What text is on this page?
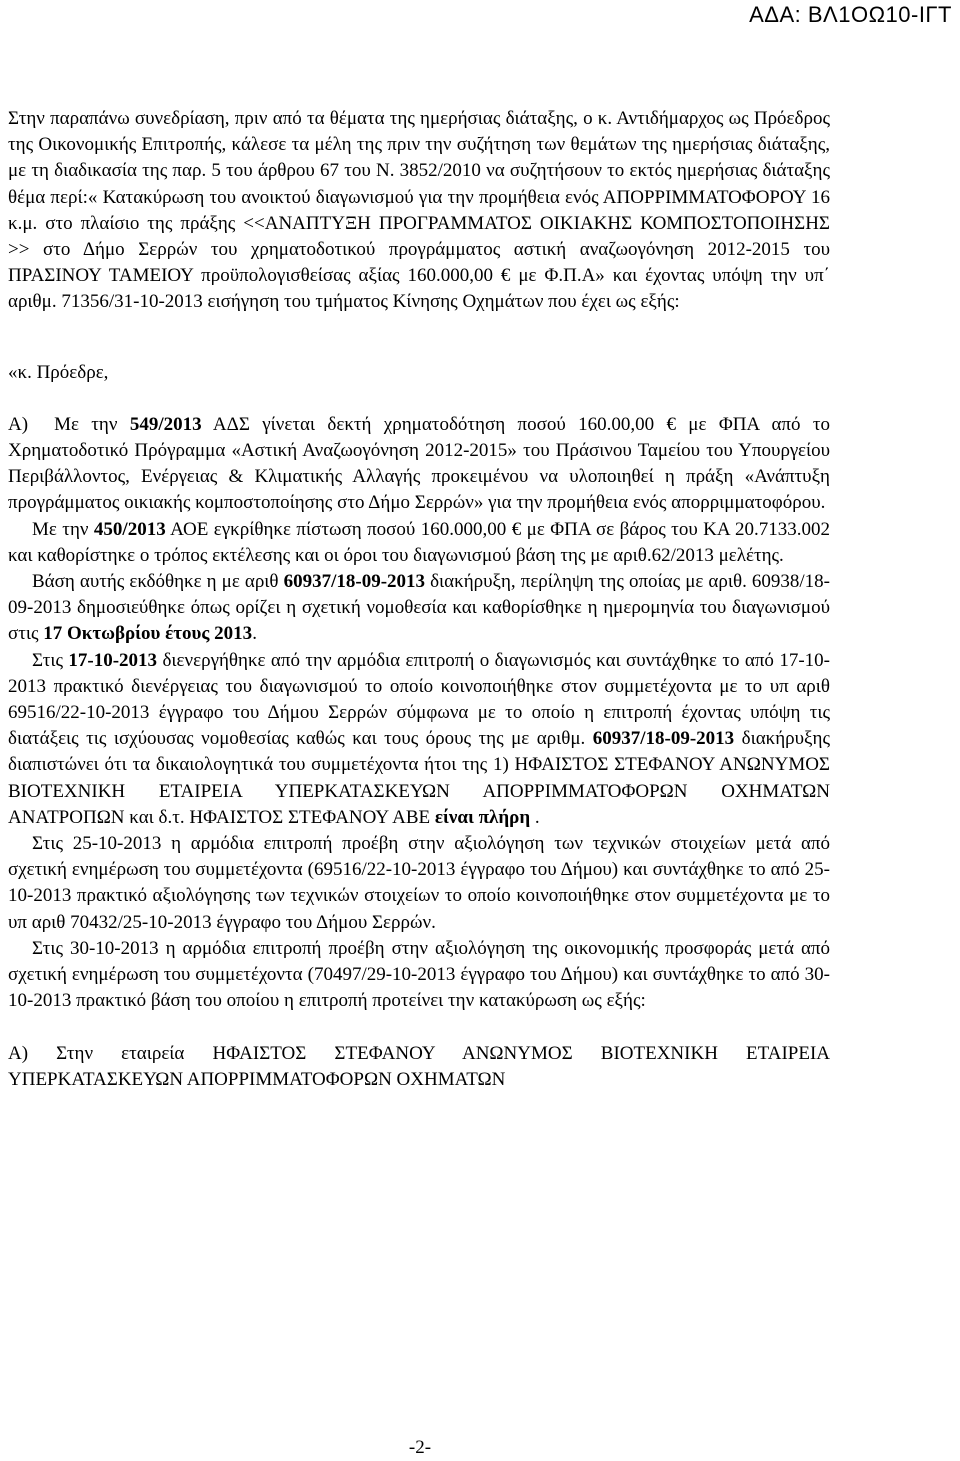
ΑΔΑ: ΒΛ1ΟΩ10-ΙΓΤ

Στην παραπάνω συνεδρίαση, πριν από τα θέματα της ημερήσιας διάταξης, ο κ. Αντιδήμαρχος ως Πρόεδρος της Οικονομικής Επιτροπής, κάλεσε τα μέλη της πριν την συζήτηση των θεμάτων της ημερήσιας διάταξης, με τη διαδικασία της παρ. 5 του άρθρου 67 του Ν. 3852/2010 να συζητήσουν το εκτός ημερήσιας διάταξης θέμα περί:« Κατακύρωση του ανοικτού διαγωνισμού για την προμήθεια ενός ΑΠΟΡΡΙΜΜΑΤΟΦΟΡΟΥ 16 κ.μ. στο πλαίσιο της πράξης <<ΑΝΑΠΤΥΞΗ ΠΡΟΓΡΑΜΜΑΤΟΣ ΟΙΚΙΑΚΗΣ ΚΟΜΠΟΣΤΟΠΟΙΗΣΗΣ >> στο Δήμο Σερρών του χρηματοδοτικού προγράμματος αστική αναζωογόνηση 2012-2015 του ΠΡΑΣΙΝΟΥ ΤΑΜΕΙΟΥ προϋπολογισθείσας αξίας 160.000,00 € με Φ.Π.Α» και έχοντας υπόψη την υπ΄ αριθμ. 71356/31-10-2013 εισήγηση του τμήματος Κίνησης Οχημάτων που έχει ως εξής:

«κ. Πρόεδρε,

Α) Με την 549/2013 ΑΔΣ γίνεται δεκτή χρηματοδότηση ποσού 160.00,00 € με ΦΠΑ από το Χρηματοδοτικό Πρόγραμμα «Αστική Αναζωογόνηση 2012-2015» του Πράσινου Ταμείου του Υπουργείου Περιβάλλοντος, Ενέργειας & Κλιματικής Αλλαγής προκειμένου να υλοποιηθεί η πράξη «Ανάπτυξη προγράμματος οικιακής κομποστοποίησης στο Δήμο Σερρών» για την προμήθεια ενός απορριμματοφόρου.

Με την 450/2013 ΑΟΕ εγκρίθηκε πίστωση ποσού 160.000,00 € με ΦΠΑ σε βάρος του ΚΑ 20.7133.002 και καθορίστηκε ο τρόπος εκτέλεσης και οι όροι του διαγωνισμού βάση της με αριθ.62/2013 μελέτης.

Βάση αυτής εκδόθηκε η με αριθ 60937/18-09-2013 διακήρυξη, περίληψη της οποίας με αριθ. 60938/18-09-2013 δημοσιεύθηκε όπως ορίζει η σχετική νομοθεσία και καθορίσθηκε η ημερομηνία του διαγωνισμού στις 17 Οκτωβρίου έτους 2013.

Στις 17-10-2013 διενεργήθηκε από την αρμόδια επιτροπή ο διαγωνισμός και συντάχθηκε το από 17-10-2013 πρακτικό διενέργειας του διαγωνισμού το οποίο κοινοποιήθηκε στον συμμετέχοντα με το υπ αριθ 69516/22-10-2013 έγγραφο του Δήμου Σερρών σύμφωνα με το οποίο η επιτροπή έχοντας υπόψη τις διατάξεις τις ισχύουσας νομοθεσίας καθώς και τους όρους της με αριθμ. 60937/18-09-2013 διακήρυξης διαπιστώνει ότι τα δικαιολογητικά του συμμετέχοντα ήτοι της 1) ΗΦΑΙΣΤΟΣ ΣΤΕΦΑΝΟΥ ΑΝΩΝΥΜΟΣ ΒΙΟΤΕΧΝΙΚΗ ΕΤΑΙΡΕΙΑ ΥΠΕΡΚΑΤΑΣΚΕΥΩΝ ΑΠΟΡΡΙΜΜΑΤΟΦΟΡΩΝ ΟΧΗΜΑΤΩΝ ΑΝΑΤΡΟΠΩΝ και δ.τ. ΗΦΑΙΣΤΟΣ ΣΤΕΦΑΝΟΥ ΑΒΕ είναι πλήρη .

Στις 25-10-2013 η αρμόδια επιτροπή προέβη στην αξιολόγηση των τεχνικών στοιχείων μετά από σχετική ενημέρωση του συμμετέχοντα (69516/22-10-2013 έγγραφο του Δήμου) και συντάχθηκε το από 25-10-2013 πρακτικό αξιολόγησης των τεχνικών στοιχείων το οποίο κοινοποιήθηκε στον συμμετέχοντα με το υπ αριθ 70432/25-10-2013 έγγραφο του Δήμου Σερρών.

Στις 30-10-2013 η αρμόδια επιτροπή προέβη στην αξιολόγηση της οικονομικής προσφοράς μετά από σχετική ενημέρωση του συμμετέχοντα (70497/29-10-2013 έγγραφο του Δήμου) και συντάχθηκε το από 30-10-2013 πρακτικό βάση του οποίου η επιτροπή προτείνει την κατακύρωση ως εξής:

Α) Στην εταιρεία ΗΦΑΙΣΤΟΣ ΣΤΕΦΑΝΟΥ ΑΝΩΝΥΜΟΣ ΒΙΟΤΕΧΝΙΚΗ ΕΤΑΙΡΕΙΑ ΥΠΕΡΚΑΤΑΣΚΕΥΩΝ ΑΠΟΡΡΙΜΜΑΤΟΦΟΡΩΝ ΟΧΗΜΑΤΩΝ

-2-
